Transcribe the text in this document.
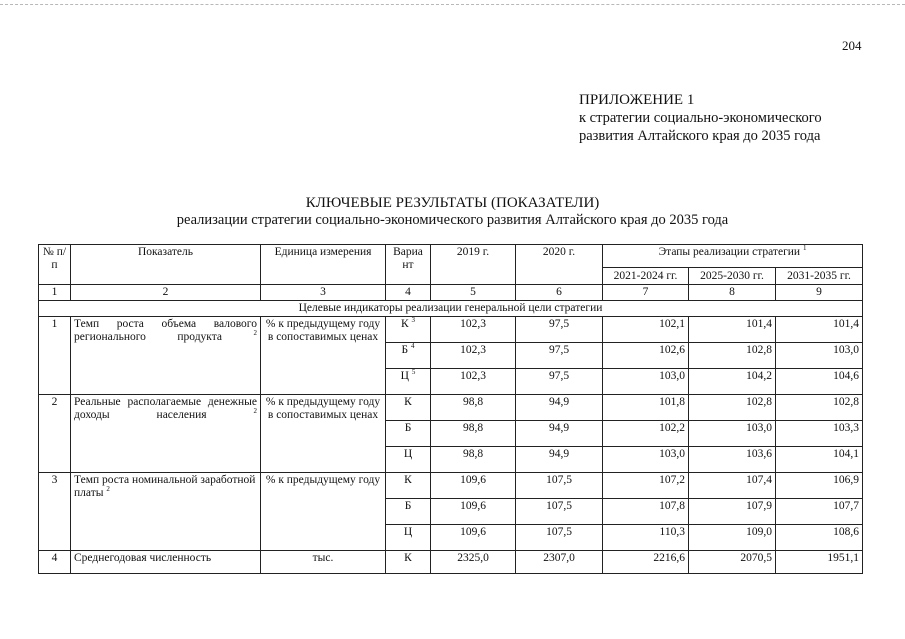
204
ПРИЛОЖЕНИЕ 1
к стратегии социально-экономического
развития Алтайского края до 2035 года
КЛЮЧЕВЫЕ РЕЗУЛЬТАТЫ (ПОКАЗАТЕЛИ)
реализации стратегии социально-экономического развития Алтайского края до 2035 года
№ п/п	Показатель	Единица измерения	Вариа нт	2019 г.	2020 г.	Этапы реализации стратегии $^1$
						2021-2024 гг.	2025-2030 гг.	2031-2035 гг.
1	2	3	4	5	6	7	8	9
Целевые индикаторы реализации генеральной цели стратегии								
1	Темп роста объема валового регионального продукта $^2$	% к предыдущему году в сопоставимых ценах	К $^3$	102,3	97,5	102,1	101,4	101,4
			Б $^4$	102,3	97,5	102,6	102,8	103,0
			Ц $^5$	102,3	97,5	103,0	104,2	104,6
2	Реальные располагаемые денежные доходы населения $^2$	% к предыдущему году в сопоставимых ценах	К	98,8	94,9	101,8	102,8	102,8
			Б	98,8	94,9	102,2	103,0	103,3
			Ц	98,8	94,9	103,0	103,6	104,1
3	Темп роста номинальной заработной платы $^2$	% к предыдущему году	К	109,6	107,5	107,2	107,4	106,9
			Б	109,6	107,5	107,8	107,9	107,7
			Ц	109,6	107,5	110,3	109,0	108,6
4	Среднегодовая численность	тыс.	К	2325,0	2307,0	2216,6	2070,5	1951,1
